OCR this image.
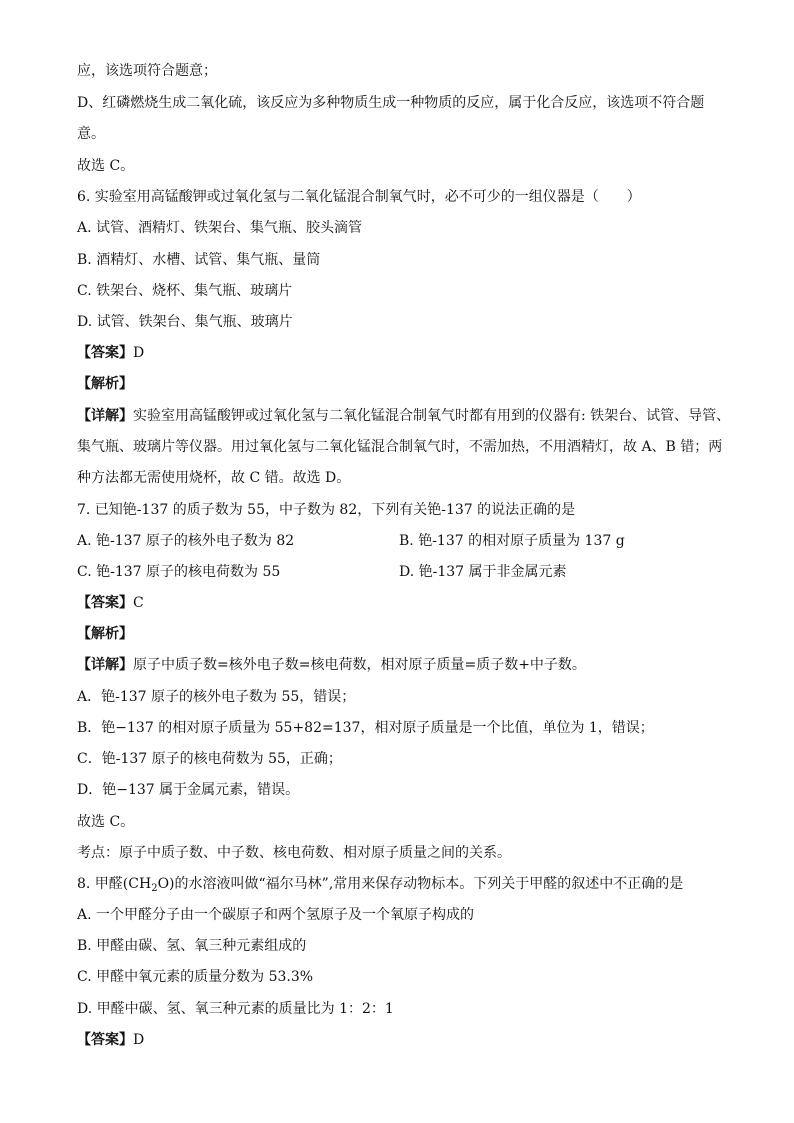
应，该选项符合题意；
D、红磷燃烧生成二氧化硫，该反应为多种物质生成一种物质的反应，属于化合反应，该选项不符合题
意。
故选 C。
6. 实验室用高锰酸钾或过氧化氢与二氧化锰混合制氧气时，必不可少的一组仪器是（　　）
A. 试管、酒精灯、铁架台、集气瓶、胶头滴管
B. 酒精灯、水槽、试管、集气瓶、量筒
C. 铁架台、烧杯、集气瓶、玻璃片
D. 试管、铁架台、集气瓶、玻璃片
【答案】D
【解析】
【详解】实验室用高锰酸钾或过氧化氢与二氧化锰混合制氧气时都有用到的仪器有: 铁架台、试管、导管、
集气瓶、玻璃片等仪器。用过氧化氢与二氧化锰混合制氧气时，不需加热，不用酒精灯，故 A、B 错；两
种方法都无需使用烧杯，故 C 错。故选 D。
7. 已知铯-137 的质子数为 55，中子数为 82，下列有关铯-137 的说法正确的是
A. 铯-137 原子的核外电子数为 82	B. 铯-137 的相对原子质量为 137 g
C. 铯-137 原子的核电荷数为 55	D. 铯-137 属于非金属元素
【答案】C
【解析】
【详解】原子中质子数=核外电子数=核电荷数，相对原子质量=质子数+中子数。
A．铯-137 原子的核外电子数为 55，错误；
B．铯−137 的相对原子质量为 55+82=137，相对原子质量是一个比值，单位为 1，错误；
C．铯-137 原子的核电荷数为 55，正确；
D．铯−137 属于金属元素，错误。
故选 C。
考点：原子中质子数、中子数、核电荷数、相对原子质量之间的关系。
8. 甲醛$(CH_2O)$的水溶液叫做“福尔马林”,常用来保存动物标本。下列关于甲醛的叙述中不正确的是
A. 一个甲醛分子由一个碳原子和两个氢原子及一个氧原子构成的
B. 甲醛由碳、氢、氧三种元素组成的
C. 甲醛中氧元素的质量分数为 53.3%
D. 甲醛中碳、氢、氧三种元素的质量比为 1：2：1
【答案】D
